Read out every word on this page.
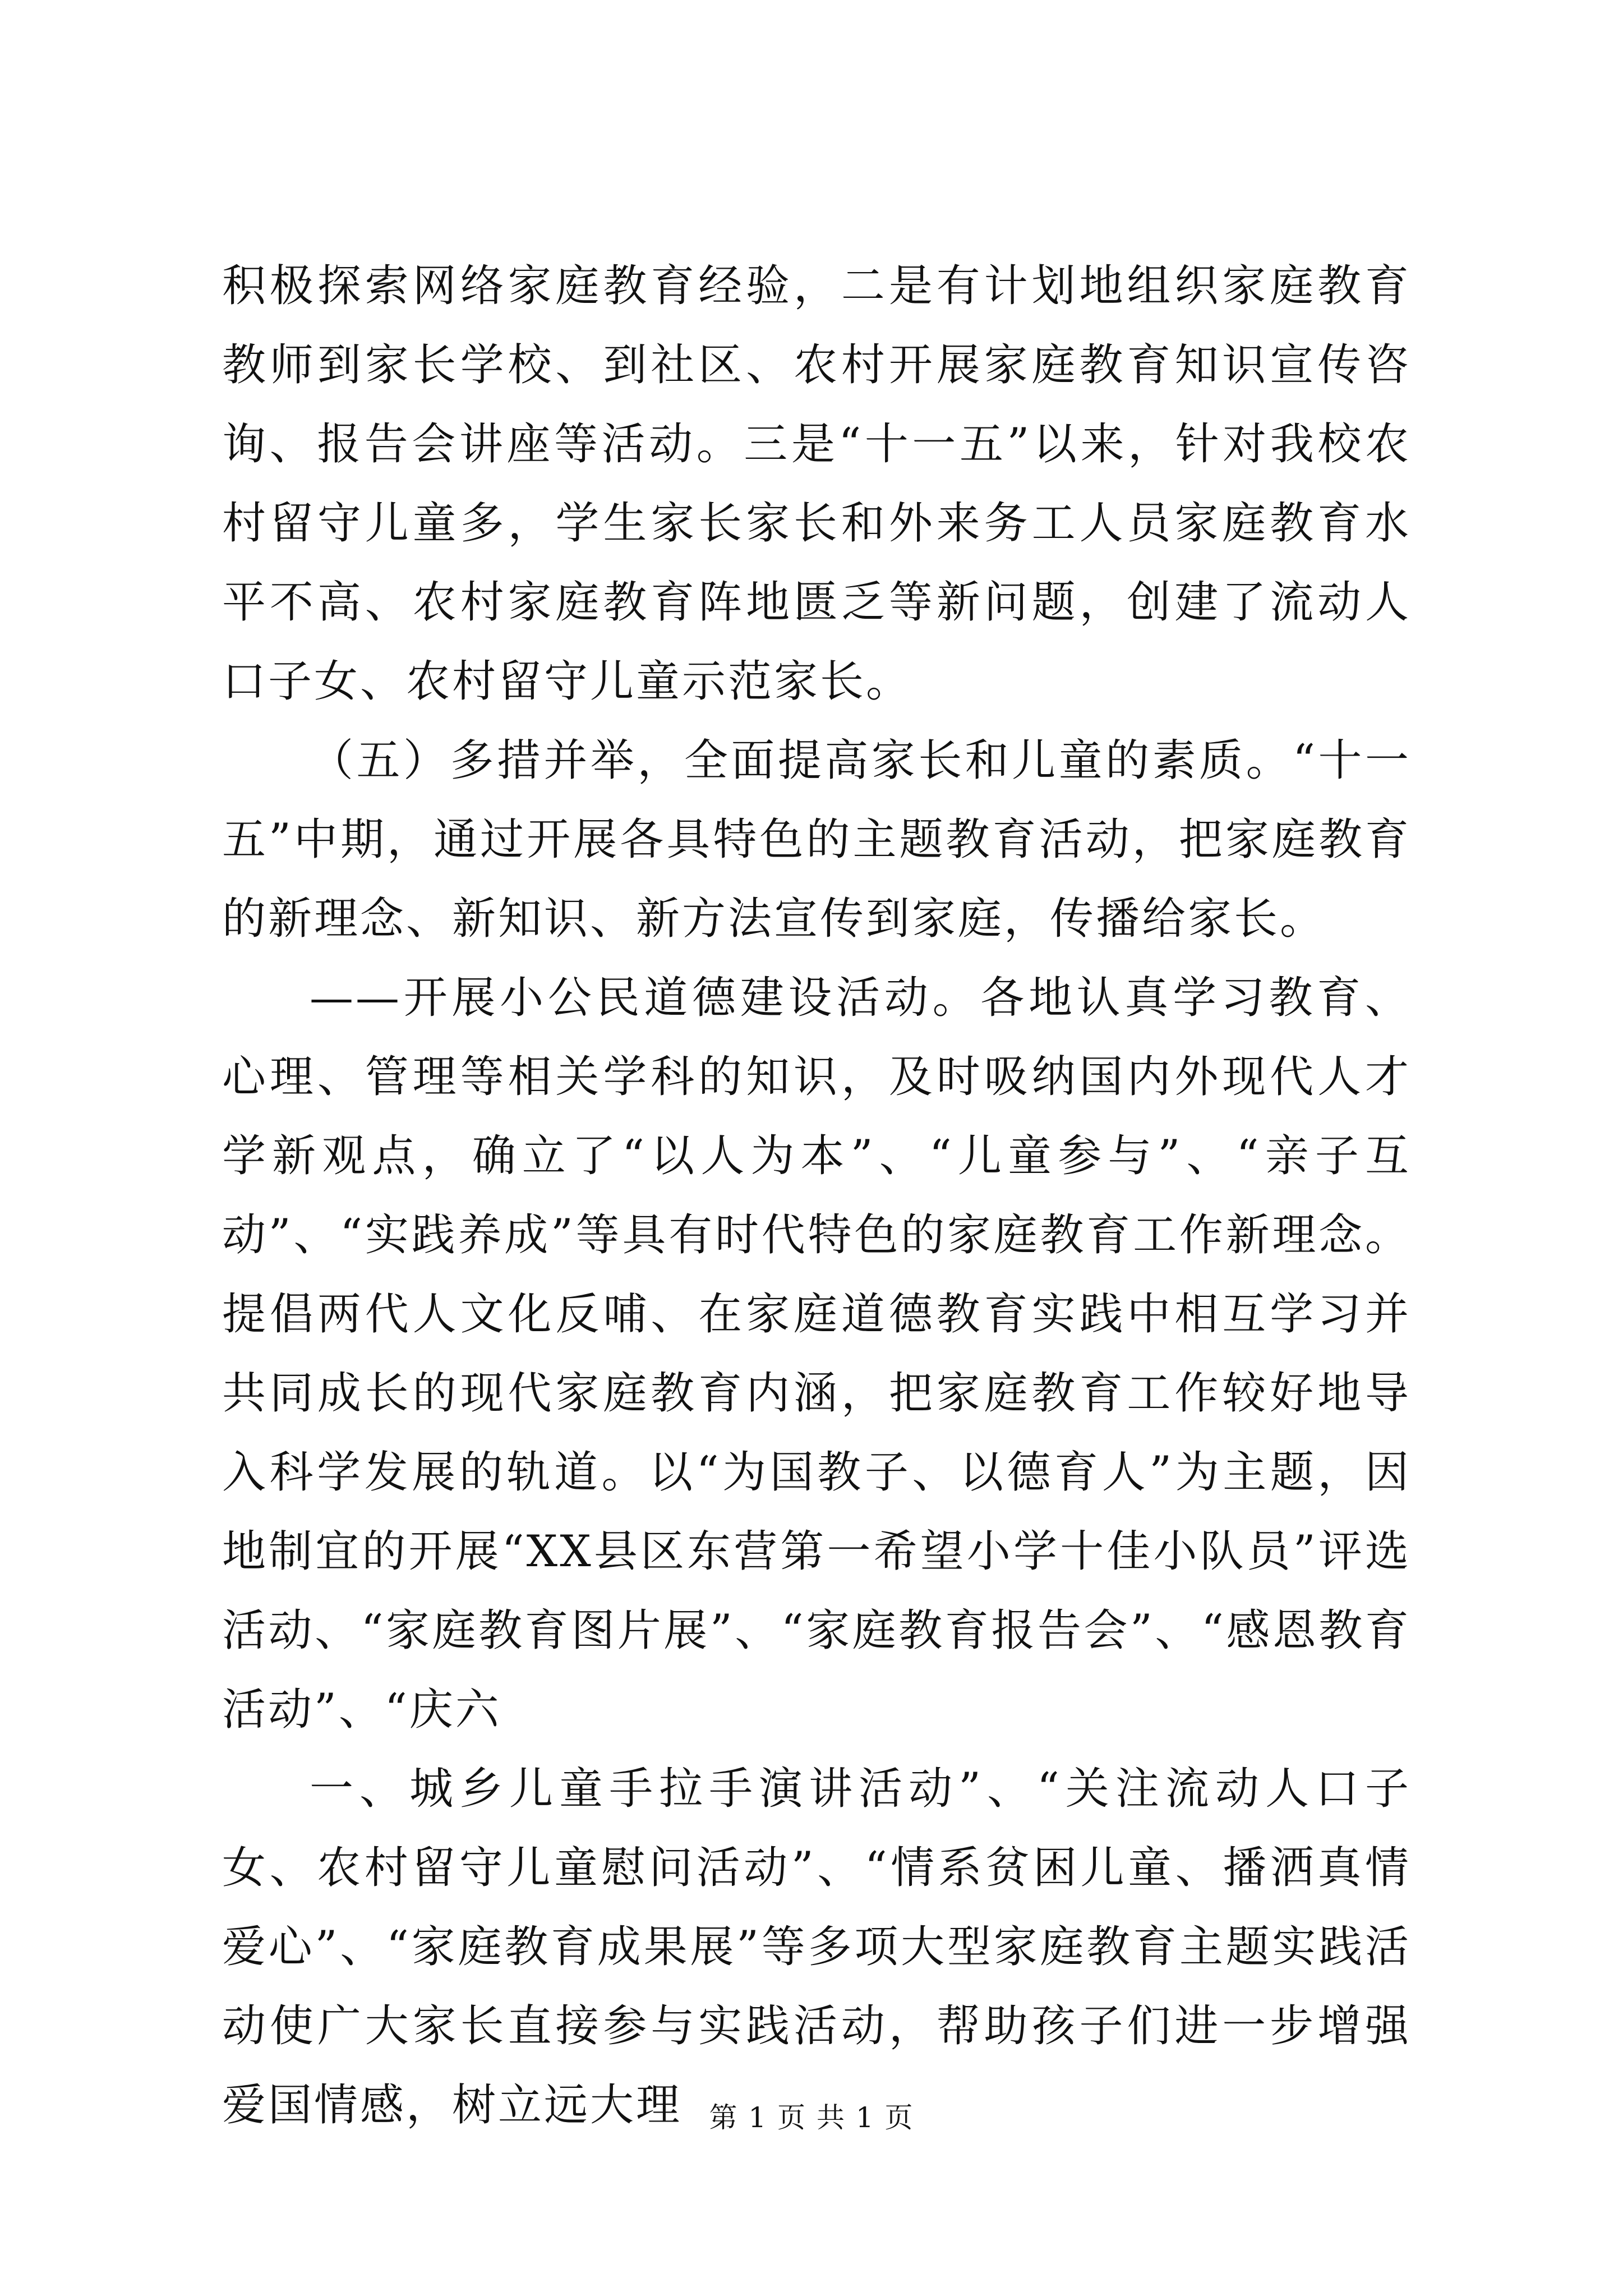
积极探索网络家庭教育经验，二是有计划地组织家庭教育教师到家长学校、到社区、农村开展家庭教育知识宣传咨询、报告会讲座等活动。三是“十一五”以来，针对我校农村留守儿童多，学生家长家长和外来务工人员家庭教育水平不高、农村家庭教育阵地匮乏等新问题，创建了流动人口子女、农村留守儿童示范家长。

（五）多措并举，全面提高家长和儿童的素质。“十一五”中期，通过开展各具特色的主题教育活动，把家庭教育的新理念、新知识、新方法宣传到家庭，传播给家长。

——开展小公民道德建设活动。各地认真学习教育、心理、管理等相关学科的知识，及时吸纳国内外现代人才学新观点，确立了“以人为本”、“儿童参与”、“亲子互动”、“实践养成”等具有时代特色的家庭教育工作新理念。提倡两代人文化反哺、在家庭道德教育实践中相互学习并共同成长的现代家庭教育内涵，把家庭教育工作较好地导入科学发展的轨道。以“为国教子、以德育人”为主题，因地制宜的开展“XX县区东营第一希望小学十佳小队员”评选活动、“家庭教育图片展”、“家庭教育报告会”、“感恩教育活动”、“庆六

一、城乡儿童手拉手演讲活动”、“关注流动人口子女、农村留守儿童慰问活动”、“情系贫困儿童、播洒真情爱心”、“家庭教育成果展”等多项大型家庭教育主题实践活动使广大家长直接参与实践活动，帮助孩子们进一步增强爱国情感，树立远大理 第 1 页 共 1 页
